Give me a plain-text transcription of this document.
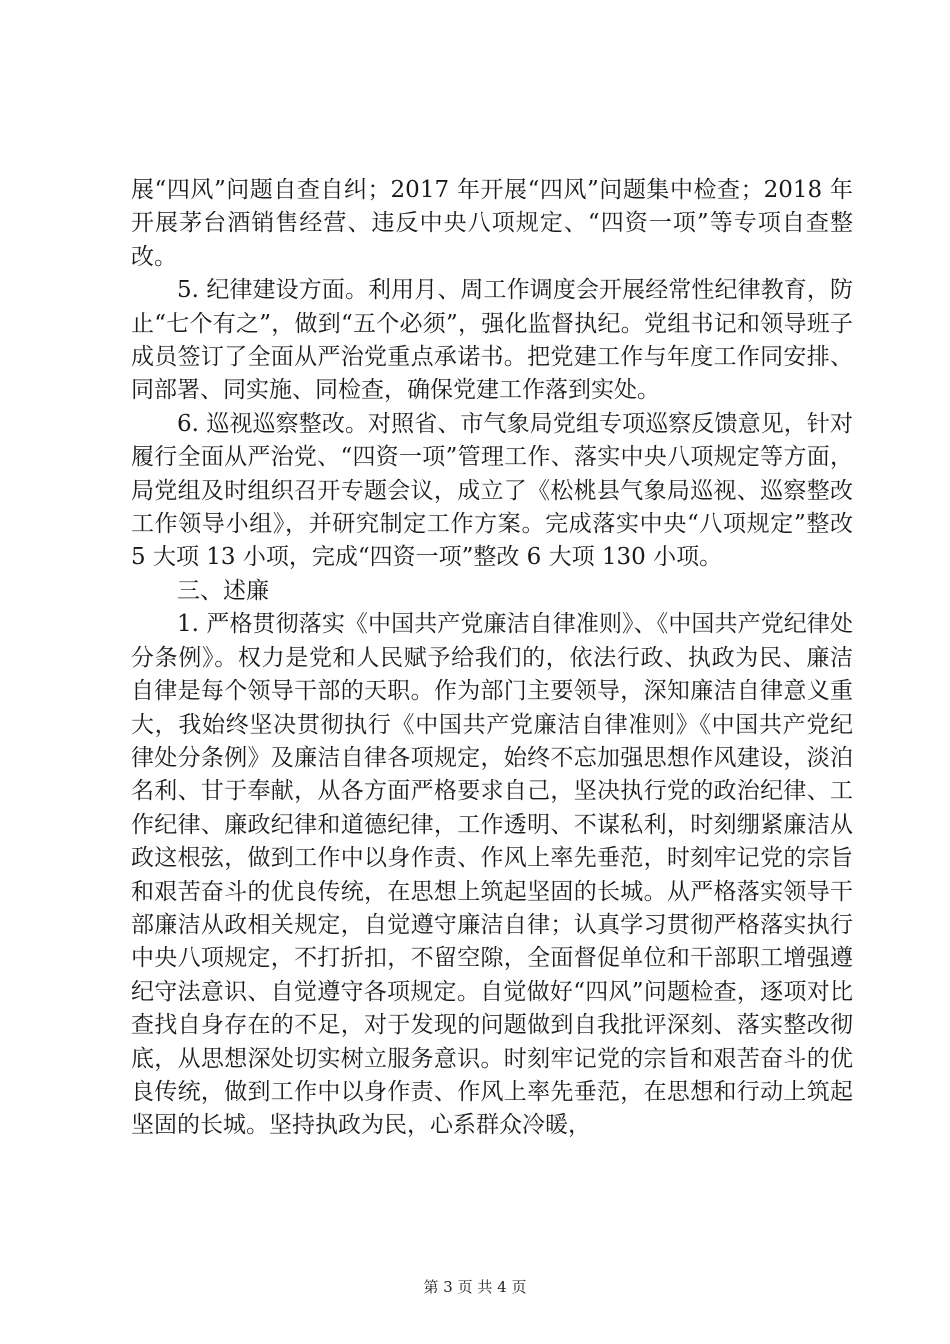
展“四风”问题自查自纠；2017 年开展“四风”问题集中检查；2018 年开展茅台酒销售经营、违反中央八项规定、“四资一项”等专项自查整改。

5. 纪律建设方面。利用月、周工作调度会开展经常性纪律教育，防止“七个有之”，做到“五个必须”，强化监督执纪。党组书记和领导班子成员签订了全面从严治党重点承诺书。把党建工作与年度工作同安排、同部署、同实施、同检查，确保党建工作落到实处。

6. 巡视巡察整改。对照省、市气象局党组专项巡察反馈意见，针对履行全面从严治党、“四资一项”管理工作、落实中央八项规定等方面，局党组及时组织召开专题会议，成立了《松桃县气象局巡视、巡察整改工作领导小组》，并研究制定工作方案。完成落实中央“八项规定”整改 5 大项 13 小项，完成“四资一项”整改 6 大项 130 小项。

三、述廉

1. 严格贯彻落实《中国共产党廉洁自律准则》、《中国共产党纪律处分条例》。权力是党和人民赋予给我们的，依法行政、执政为民、廉洁自律是每个领导干部的天职。作为部门主要领导，深知廉洁自律意义重大，我始终坚决贯彻执行《中国共产党廉洁自律准则》《中国共产党纪律处分条例》及廉洁自律各项规定，始终不忘加强思想作风建设，淡泊名利、甘于奉献，从各方面严格要求自己，坚决执行党的政治纪律、工作纪律、廉政纪律和道德纪律，工作透明、不谋私利，时刻绷紧廉洁从政这根弦，做到工作中以身作责、作风上率先垂范，时刻牢记党的宗旨和艰苦奋斗的优良传统，在思想上筑起坚固的长城。从严格落实领导干部廉洁从政相关规定，自觉遵守廉洁自律；认真学习贯彻严格落实执行中央八项规定，不打折扣，不留空隙，全面督促单位和干部职工增强遵纪守法意识、自觉遵守各项规定。自觉做好“四风”问题检查，逐项对比查找自身存在的不足，对于发现的问题做到自我批评深刻、落实整改彻底，从思想深处切实树立服务意识。时刻牢记党的宗旨和艰苦奋斗的优良传统，做到工作中以身作责、作风上率先垂范，在思想和行动上筑起坚固的长城。坚持执政为民，心系群众冷暖，

第 3 页 共 4 页
